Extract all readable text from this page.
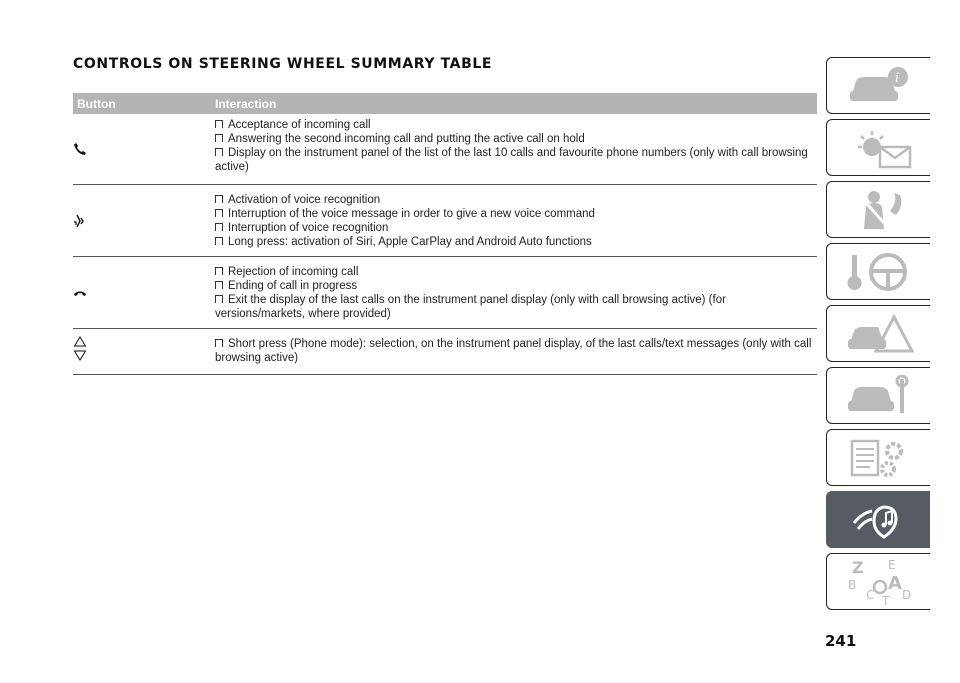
CONTROLS ON STEERING WHEEL SUMMARY TABLE
Button	Interaction
Acceptance of incoming call
Answering the second incoming call and putting the active call on hold
Display on the instrument panel of the list of the last 10 calls and favourite phone numbers (only with call browsing active)
Activation of voice recognition
Interruption of the voice message in order to give a new voice command
Interruption of voice recognition
Long press: activation of Siri, Apple CarPlay and Android Auto functions
Rejection of incoming call
Ending of call in progress
Exit the display of the last calls on the instrument panel display (only with call browsing active) (for versions/markets, where provided)
Short press (Phone mode): selection, on the instrument panel display, of the last calls/text messages (only with call browsing active)
i
Z E
B A
C D
T
241
